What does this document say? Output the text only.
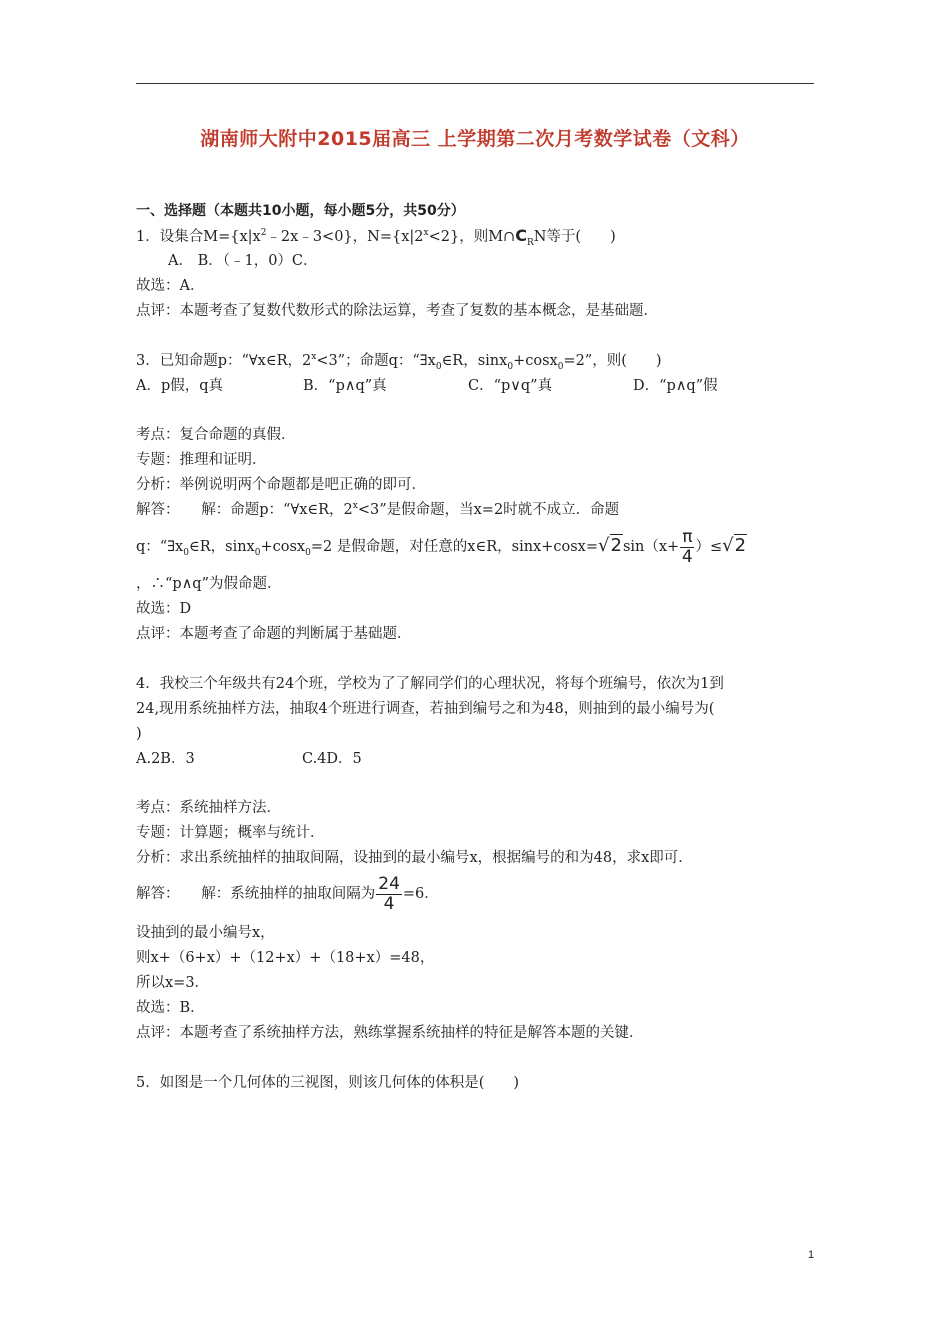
湖南师大附中2015届高三 上学期第二次月考数学试卷（文科）
一、选择题（本题共10小题，每小题5分，共50分）
1．设集合$M=\{x|x^2﹣2x﹣3<0\}$，$N=\{x|2^x<2\}$，则$M\cap C_RN$等于(　　)
A． B．（﹣1，0）C．
故选：A．
点评：本题考查了复数代数形式的除法运算，考查了复数的基本概念，是基础题．
3．已知命题p：“∀x∈R，$2^x<3$”；命题q：“$\exists x_0\in R$，sinx$_0$+cosx$_0$=2”，则(　　)
A．p假，q真	B．“p∧q”真	C．“p∨q”真	D．“p∧q”假
考点：复合命题的真假．
专题：推理和证明．
分析：举例说明两个命题都是吧正确的即可．
解答：　　解：命题p：“∀x∈R，$2^x<3$”是假命题，当x=2时就不成立．命题
q：“$\exists x_0\in R$，sinx$_0$+cosx$_0$=2 是假命题，对任意的x∈R，$\sin x+\cos x=√2\sin(x+ \frac{\pi}{4} )\le√2$
，∴“p∧q”为假命题．
故选：D
点评：本题考查了命题的判断属于基础题．
4．我校三个年级共有24个班，学校为了了解同学们的心理状况，将每个班编号，依次为1到
24,现用系统抽样方法，抽取4个班进行调查，若抽到编号之和为48，则抽到的最小编号为(
)
A.2B．3	C.4D．5
考点：系统抽样方法．
专题：计算题；概率与统计．
分析：求出系统抽样的抽取间隔，设抽到的最小编号x，根据编号的和为48，求x即可．
解答：　　解：系统抽样的抽取间隔为 $\frac{24}{4} =6$．
设抽到的最小编号x，
则x+（6+x）+（12+x）+（18+x）=48，
所以x=3．
故选：B．
点评：本题考查了系统抽样方法，熟练掌握系统抽样的特征是解答本题的关键．
5．如图是一个几何体的三视图，则该几何体的体积是(　　)
1
